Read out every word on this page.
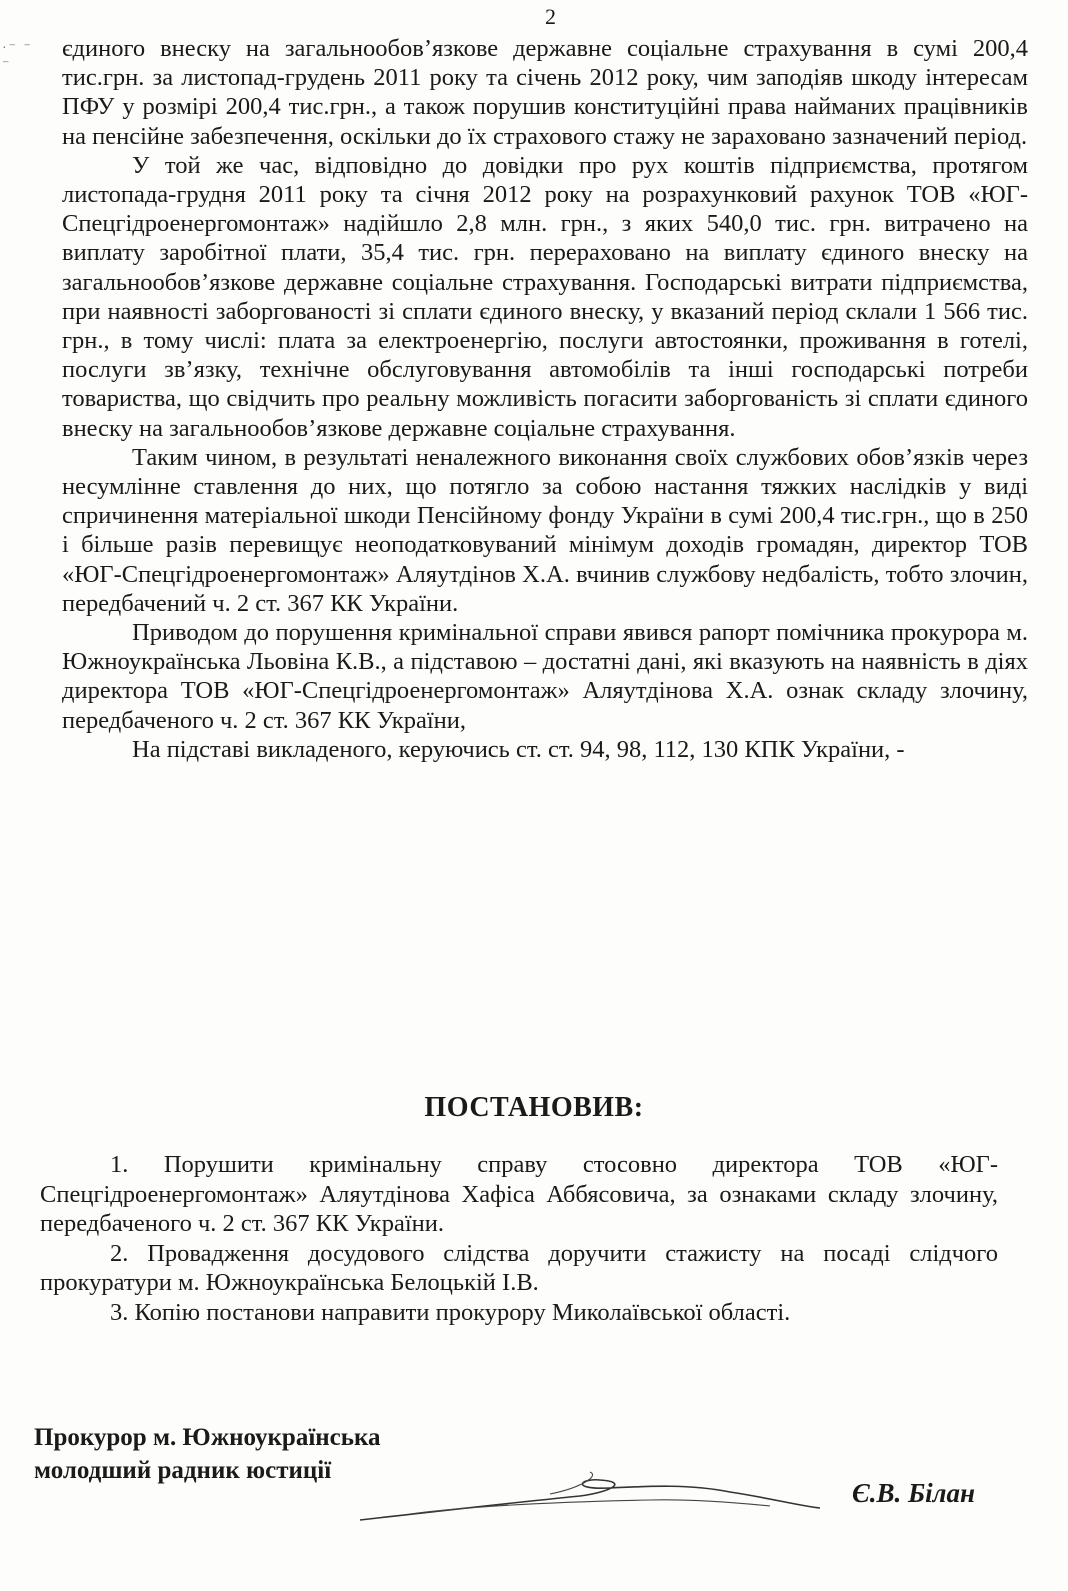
·⁻ ⁻
⁻
2

єдиного внеску на загальнообов’язкове державне соціальне страхування в сумі 200,4 тис.грн. за листопад-грудень 2011 року та січень 2012 року, чим заподіяв шкоду інтересам ПФУ у розмірі 200,4 тис.грн., а також порушив конституційні права найманих працівників на пенсійне забезпечення, оскільки до їх страхового стажу не зараховано зазначений період.

У той же час, відповідно до довідки про рух коштів підприємства, протягом листопада-грудня 2011 року та січня 2012 року на розрахунковий рахунок ТОВ «ЮГ-Спецгідроенергомонтаж» надійшло 2,8 млн. грн., з яких 540,0 тис. грн. витрачено на виплату заробітної плати, 35,4 тис. грн. перераховано на виплату єдиного внеску на загальнообов’язкове державне соціальне страхування. Господарські витрати підприємства, при наявності заборгованості зі сплати єдиного внеску, у вказаний період склали 1 566 тис. грн., в тому числі: плата за електроенергію, послуги автостоянки, проживання в готелі, послуги зв’язку, технічне обслуговування автомобілів та інші господарські потреби товариства, що свідчить про реальну можливість погасити заборгованість зі сплати єдиного внеску на загальнообов’язкове державне соціальне страхування.

Таким чином, в результаті неналежного виконання своїх службових обов’язків через несумлінне ставлення до них, що потягло за собою настання тяжких наслідків у виді спричинення матеріальної шкоди Пенсійному фонду України в сумі 200,4 тис.грн., що в 250 і більше разів перевищує неоподатковуваний мінімум доходів громадян, директор ТОВ «ЮГ-Спецгідроенергомонтаж» Аляутдінов Х.А. вчинив службову недбалість, тобто злочин, передбачений ч. 2 ст. 367 КК України.

Приводом до порушення кримінальної справи явився рапорт помічника прокурора м. Южноукраїнська Льовіна К.В., а підставою – достатні дані, які вказують на наявність в діях директора ТОВ «ЮГ-Спецгідроенергомонтаж» Аляутдінова Х.А. ознак складу злочину, передбаченого ч. 2 ст. 367 КК України,

На підставі викладеного, керуючись ст. ст. 94, 98, 112, 130 КПК України, -

ПОСТАНОВИВ:

1. Порушити кримінальну справу стосовно директора ТОВ «ЮГ-Спецгідроенергомонтаж» Аляутдінова Хафіса Аббясовича, за ознаками складу злочину, передбаченого ч. 2 ст. 367 КК України.

2. Провадження досудового слідства доручити стажисту на посаді слідчого прокуратури м. Южноукраїнська Белоцькій І.В.

3. Копію постанови направити прокурору Миколаївської області.

Прокурор м. Южноукраїнська
молодший радник юстиції
Є.В. Білан
